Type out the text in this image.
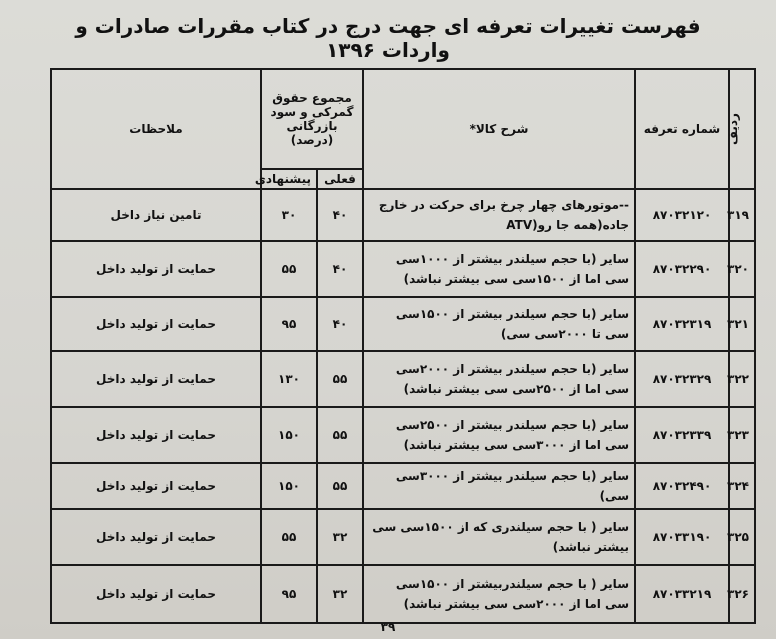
فهرست تغییرات تعرفه ای جهت درج در کتاب مقررات صادرات و واردات ۱۳۹۶
ردیف	شماره تعرفه	شرح کالا*	مجموع حقوق گمرکی و سود بازرگانی (درصد)		ملاحظات
			فعلی	پیشنهادی	
۳۱۹	۸۷۰۳۲۱۲۰	--موتورهای چهار چرخ برای حرکت در خارج جاده(همه جا رو(ATV	۴۰	۳۰	تامین نیاز داخل
۳۲۰	۸۷۰۳۲۲۹۰	سایر (با حجم سیلندر بیشتر از ۱۰۰۰سی سی اما از ۱۵۰۰سی سی بیشتر نباشد)	۴۰	۵۵	حمایت از تولید داخل
۳۲۱	۸۷۰۳۲۳۱۹	سایر (با حجم سیلندر بیشتر از ۱۵۰۰سی سی تا ۲۰۰۰سی سی)	۴۰	۹۵	حمایت از تولید داخل
۳۲۲	۸۷۰۳۲۳۲۹	سایر (با حجم سیلندر بیشتر از ۲۰۰۰سی سی اما از ۲۵۰۰سی سی بیشتر نباشد)	۵۵	۱۳۰	حمایت از تولید داخل
۳۲۳	۸۷۰۳۲۳۳۹	سایر (با حجم سیلندر بیشتر از ۲۵۰۰سی سی اما از ۳۰۰۰سی سی بیشتر نباشد)	۵۵	۱۵۰	حمایت از تولید داخل
۳۲۴	۸۷۰۳۲۴۹۰	سایر (با حجم سیلندر بیشتر از ۳۰۰۰سی سی)	۵۵	۱۵۰	حمایت از تولید داخل
۳۲۵	۸۷۰۳۳۱۹۰	سایر ( با حجم سیلندری که از ۱۵۰۰سی سی بیشتر نباشد)	۳۲	۵۵	حمایت از تولید داخل
۳۲۶	۸۷۰۳۳۲۱۹	سایر ( با حجم سیلندربیشتر از ۱۵۰۰سی سی اما از ۲۰۰۰سی سی بیشتر نباشد)	۳۲	۹۵	حمایت از تولید داخل
۳۹
